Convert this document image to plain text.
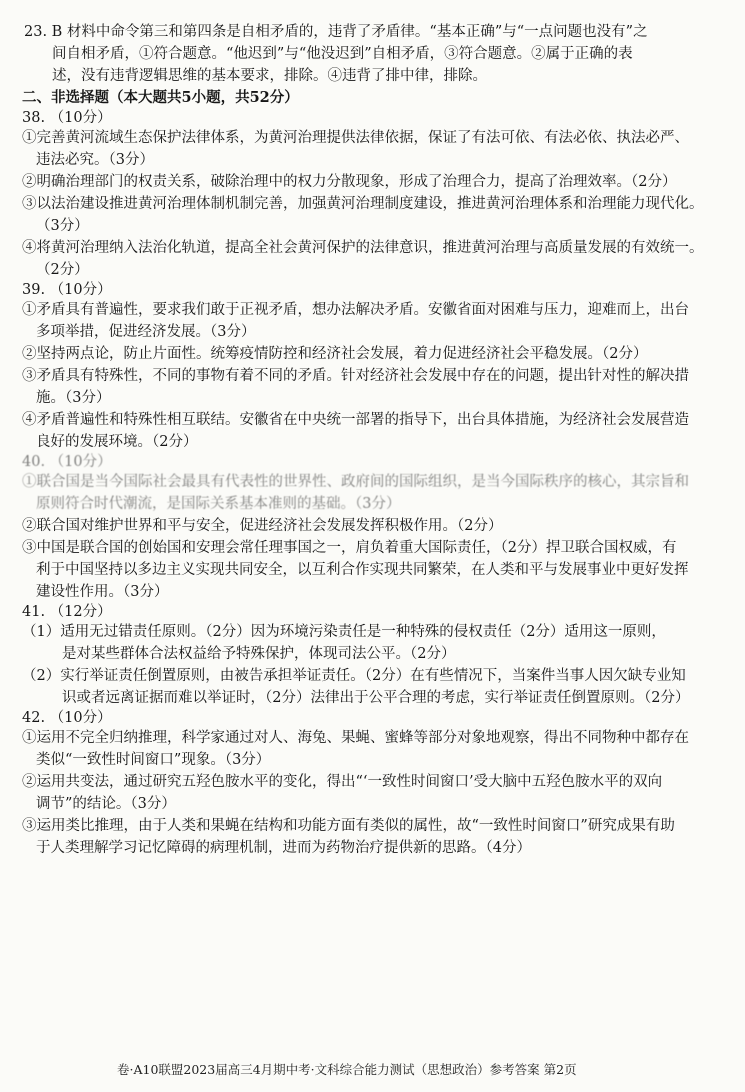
23. B 材料中命令第三和第四条是自相矛盾的，违背了矛盾律。“基本正确”与“一点问题也没有”之
间自相矛盾，①符合题意。“他迟到”与“他没迟到”自相矛盾，③符合题意。②属于正确的表
述，没有违背逻辑思维的基本要求，排除。④违背了排中律，排除。
二、非选择题（本大题共5小题，共52分）
38. （10分）
①完善黄河流域生态保护法律体系，为黄河治理提供法律依据，保证了有法可依、有法必依、执法必严、
违法必究。（3分）
②明确治理部门的权责关系，破除治理中的权力分散现象，形成了治理合力，提高了治理效率。（2分）
③以法治建设推进黄河治理体制机制完善，加强黄河治理制度建设，推进黄河治理体系和治理能力现代化。
（3分）
④将黄河治理纳入法治化轨道，提高全社会黄河保护的法律意识，推进黄河治理与高质量发展的有效统一。
（2分）
39. （10分）
①矛盾具有普遍性，要求我们敢于正视矛盾，想办法解决矛盾。安徽省面对困难与压力，迎难而上，出台
多项举措，促进经济发展。（3分）
②坚持两点论，防止片面性。统筹疫情防控和经济社会发展，着力促进经济社会平稳发展。（2分）
③矛盾具有特殊性，不同的事物有着不同的矛盾。针对经济社会发展中存在的问题，提出针对性的解决措
施。（3分）
④矛盾普遍性和特殊性相互联结。安徽省在中央统一部署的指导下，出台具体措施，为经济社会发展营造
良好的发展环境。（2分）
40. （10分）
①联合国是当今国际社会最具有代表性的世界性、政府间的国际组织，是当今国际秩序的核心，其宗旨和
原则符合时代潮流，是国际关系基本准则的基础。（3分）
②联合国对维护世界和平与安全，促进经济社会发展发挥积极作用。（2分）
③中国是联合国的创始国和安理会常任理事国之一，肩负着重大国际责任，（2分）捍卫联合国权威，有
利于中国坚持以多边主义实现共同安全，以互利合作实现共同繁荣，在人类和平与发展事业中更好发挥
建设性作用。（3分）
41. （12分）
（1）适用无过错责任原则。（2分）因为环境污染责任是一种特殊的侵权责任（2分）适用这一原则，
是对某些群体合法权益给予特殊保护，体现司法公平。（2分）
（2）实行举证责任倒置原则，由被告承担举证责任。（2分）在有些情况下，当案件当事人因欠缺专业知
识或者远离证据而难以举证时，（2分）法律出于公平合理的考虑，实行举证责任倒置原则。（2分）
42. （10分）
①运用不完全归纳推理，科学家通过对人、海兔、果蝇、蜜蜂等部分对象地观察，得出不同物种中都存在
类似“一致性时间窗口”现象。（3分）
②运用共变法，通过研究五羟色胺水平的变化，得出“‘一致性时间窗口’受大脑中五羟色胺水平的双向
调节”的结论。（3分）
③运用类比推理，由于人类和果蝇在结构和功能方面有类似的属性，故“一致性时间窗口”研究成果有助
于人类理解学习记忆障碍的病理机制，进而为药物治疗提供新的思路。（4分）
卷·A10联盟2023届高三4月期中考·文科综合能力测试（思想政治）参考答案 第2页
